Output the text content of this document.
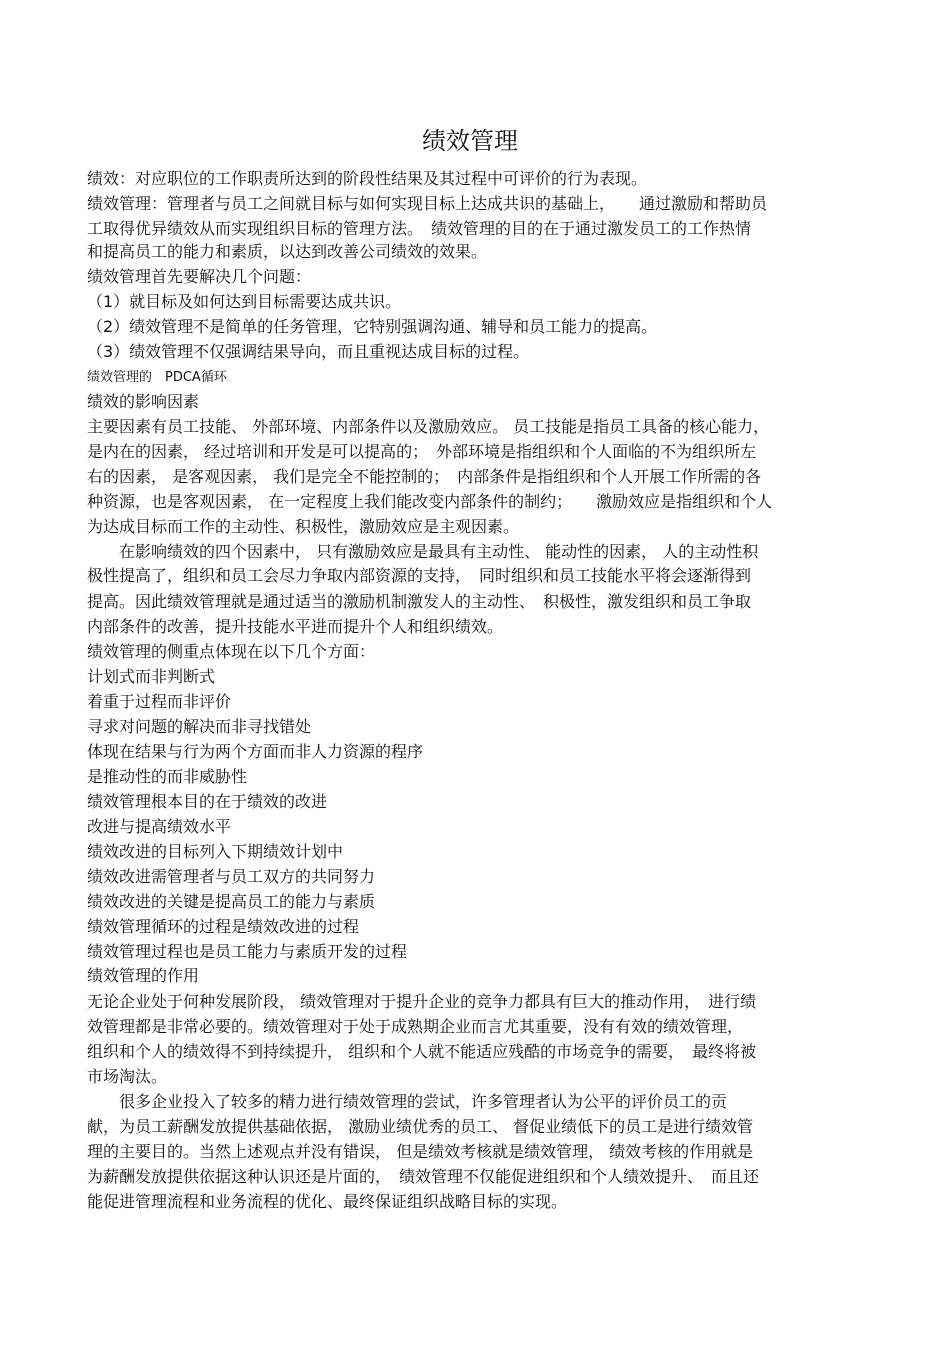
绩效管理
绩效：对应职位的工作职责所达到的阶段性结果及其过程中可评价的行为表现。
绩效管理：管理者与员工之间就目标与如何实现目标上达成共识的基础上，　　通过激励和帮助员
工取得优异绩效从而实现组织目标的管理方法。　绩效管理的目的在于通过激发员工的工作热情
和提高员工的能力和素质，以达到改善公司绩效的效果。
绩效管理首先要解决几个问题：
（1）就目标及如何达到目标需要达成共识。
（2）绩效管理不是简单的任务管理，它特别强调沟通、辅导和员工能力的提高。
（3）绩效管理不仅强调结果导向，而且重视达成目标的过程。
绩效管理的　PDCA循环
绩效的影响因素
主要因素有员工技能、 外部环境、内部条件以及激励效应。 员工技能是指员工具备的核心能力，
是内在的因素， 经过培训和开发是可以提高的；　外部环境是指组织和个人面临的不为组织所左
右的因素， 是客观因素， 我们是完全不能控制的；　内部条件是指组织和个人开展工作所需的各
种资源，也是客观因素， 在一定程度上我们能改变内部条件的制约；　　激励效应是指组织和个人
为达成目标而工作的主动性、积极性，激励效应是主观因素。
　　在影响绩效的四个因素中， 只有激励效应是最具有主动性、 能动性的因素， 人的主动性积
极性提高了，组织和员工会尽力争取内部资源的支持，　同时组织和员工技能水平将会逐渐得到
提高。因此绩效管理就是通过适当的激励机制激发人的主动性、　积极性，激发组织和员工争取
内部条件的改善，提升技能水平进而提升个人和组织绩效。
绩效管理的侧重点体现在以下几个方面：
计划式而非判断式
着重于过程而非评价
寻求对问题的解决而非寻找错处
体现在结果与行为两个方面而非人力资源的程序
是推动性的而非威胁性
绩效管理根本目的在于绩效的改进
改进与提高绩效水平
绩效改进的目标列入下期绩效计划中
绩效改进需管理者与员工双方的共同努力
绩效改进的关键是提高员工的能力与素质
绩效管理循环的过程是绩效改进的过程
绩效管理过程也是员工能力与素质开发的过程
绩效管理的作用
无论企业处于何种发展阶段， 绩效管理对于提升企业的竞争力都具有巨大的推动作用，　进行绩
效管理都是非常必要的。绩效管理对于处于成熟期企业而言尤其重要，没有有效的绩效管理，
组织和个人的绩效得不到持续提升， 组织和个人就不能适应残酷的市场竞争的需要，　最终将被
市场淘汰。
　　很多企业投入了较多的精力进行绩效管理的尝试，许多管理者认为公平的评价员工的贡
献，为员工薪酬发放提供基础依据， 激励业绩优秀的员工、 督促业绩低下的员工是进行绩效管
理的主要目的。当然上述观点并没有错误， 但是绩效考核就是绩效管理， 绩效考核的作用就是
为薪酬发放提供依据这种认识还是片面的，　绩效管理不仅能促进组织和个人绩效提升、　而且还
能促进管理流程和业务流程的优化、最终保证组织战略目标的实现。
